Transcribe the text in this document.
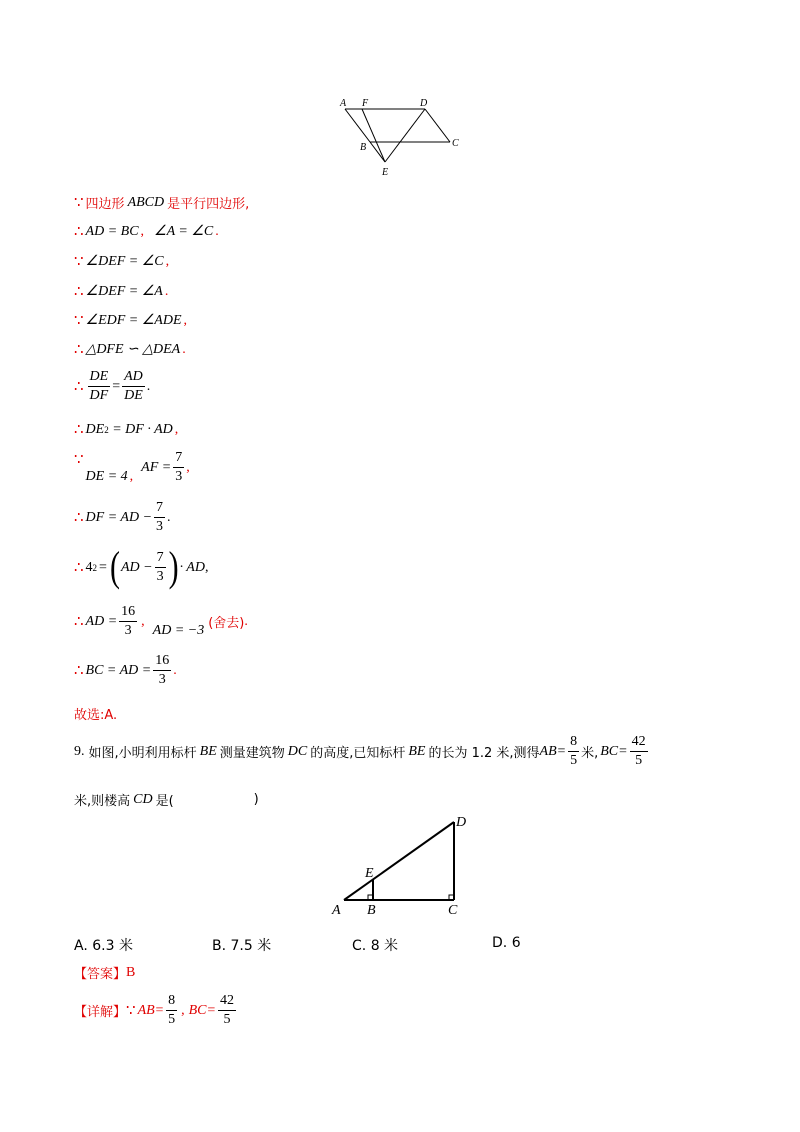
A F	D
B	C
E
∵ 四边形 ABCD 是平行四边形,
∴ AD = BC , ∠A = ∠C .
∵ ∠DEF = ∠C ,
∴ ∠DEF = ∠A .
∵ ∠EDF = ∠ADE ,
∴ △DFE ∽ △DEA .
∴ $\frac{DE}{DF} = \frac{AD}{DE}$ .
∴ DE 2 = DF · AD ,
∵
DE = 4 ,
AF = $\frac{7}{3}$ ,
∴ DF = AD − $\frac{7}{3}$ .
∴ 4 2 = ( AD − $\frac{7}{3}$ ) · AD ,
∴ AD = $\frac{16}{3}$ ,
AD = −3 (舍去) .
∴ BC = AD = $\frac{16}{3}$ .
故选:A.
9. 如图,小明利用标杆 BE 测量建筑物 DC 的高度,已知标杆 BE 的长为 1.2 米,测得 $AB= \frac{8}{5}$ 米, $BC= \frac{42}{5}$
米,则楼高 CD 是(	)
A B	C
D
E
A. 6.3 米	B. 7.5 米	C. 8 米	D. 6
【答案】 B
【详解】 ∵ $AB= \frac{8}{5}$ , $BC= \frac{42}{5}$
